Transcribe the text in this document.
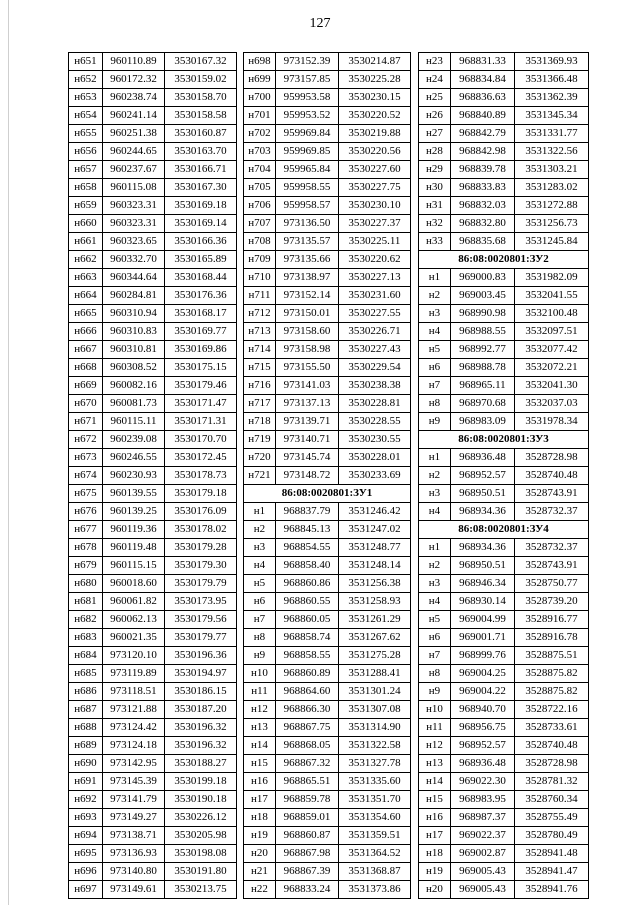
127
н651	960110.89	3530167.32
н652	960172.32	3530159.02
н653	960238.74	3530158.70
н654	960241.14	3530158.58
н655	960251.38	3530160.87
н656	960244.65	3530163.70
н657	960237.67	3530166.71
н658	960115.08	3530167.30
н659	960323.31	3530169.18
н660	960323.31	3530169.14
н661	960323.65	3530166.36
н662	960332.70	3530165.89
н663	960344.64	3530168.44
н664	960284.81	3530176.36
н665	960310.94	3530168.17
н666	960310.83	3530169.77
н667	960310.81	3530169.86
н668	960308.52	3530175.15
н669	960082.16	3530179.46
н670	960081.73	3530171.47
н671	960115.11	3530171.31
н672	960239.08	3530170.70
н673	960246.55	3530172.45
н674	960230.93	3530178.73
н675	960139.55	3530179.18
н676	960139.25	3530176.09
н677	960119.36	3530178.02
н678	960119.48	3530179.28
н679	960115.15	3530179.30
н680	960018.60	3530179.79
н681	960061.82	3530173.95
н682	960062.13	3530179.56
н683	960021.35	3530179.77
н684	973120.10	3530196.36
н685	973119.89	3530194.97
н686	973118.51	3530186.15
н687	973121.88	3530187.20
н688	973124.42	3530196.32
н689	973124.18	3530196.32
н690	973142.95	3530188.27
н691	973145.39	3530199.18
н692	973141.79	3530190.18
н693	973149.27	3530226.12
н694	973138.71	3530205.98
н695	973136.93	3530198.08
н696	973140.80	3530191.80
н697	973149.61	3530213.75
н698	973152.39	3530214.87
н699	973157.85	3530225.28
н700	959953.58	3530230.15
н701	959953.52	3530220.52
н702	959969.84	3530219.88
н703	959969.85	3530220.56
н704	959965.84	3530227.60
н705	959958.55	3530227.75
н706	959958.57	3530230.10
н707	973136.50	3530227.37
н708	973135.57	3530225.11
н709	973135.66	3530220.62
н710	973138.97	3530227.13
н711	973152.14	3530231.60
н712	973150.01	3530227.55
н713	973158.60	3530226.71
н714	973158.98	3530227.43
н715	973155.50	3530229.54
н716	973141.03	3530238.38
н717	973137.13	3530228.81
н718	973139.71	3530228.55
н719	973140.71	3530230.55
н720	973145.74	3530228.01
н721	973148.72	3530233.69
86:08:0020801:ЗУ1		
н1	968837.79	3531246.42
н2	968845.13	3531247.02
н3	968854.55	3531248.77
н4	968858.40	3531248.14
н5	968860.86	3531256.38
н6	968860.55	3531258.93
н7	968860.05	3531261.29
н8	968858.74	3531267.62
н9	968858.55	3531275.28
н10	968860.89	3531288.41
н11	968864.60	3531301.24
н12	968866.30	3531307.08
н13	968867.75	3531314.90
н14	968868.05	3531322.58
н15	968867.32	3531327.78
н16	968865.51	3531335.60
н17	968859.78	3531351.70
н18	968859.01	3531354.60
н19	968860.87	3531359.51
н20	968867.98	3531364.52
н21	968867.39	3531368.87
н22	968833.24	3531373.86
н23	968831.33	3531369.93
н24	968834.84	3531366.48
н25	968836.63	3531362.39
н26	968840.89	3531345.34
н27	968842.79	3531331.77
н28	968842.98	3531322.56
н29	968839.78	3531303.21
н30	968833.83	3531283.02
н31	968832.03	3531272.88
н32	968832.80	3531256.73
н33	968835.68	3531245.84
86:08:0020801:ЗУ2		
н1	969000.83	3531982.09
н2	969003.45	3532041.55
н3	968990.98	3532100.48
н4	968988.55	3532097.51
н5	968992.77	3532077.42
н6	968988.78	3532072.21
н7	968965.11	3532041.30
н8	968970.68	3532037.03
н9	968983.09	3531978.34
86:08:0020801:ЗУ3		
н1	968936.48	3528728.98
н2	968952.57	3528740.48
н3	968950.51	3528743.91
н4	968934.36	3528732.37
86:08:0020801:ЗУ4		
н1	968934.36	3528732.37
н2	968950.51	3528743.91
н3	968946.34	3528750.77
н4	968930.14	3528739.20
н5	969004.99	3528916.77
н6	969001.71	3528916.78
н7	968999.76	3528875.51
н8	969004.25	3528875.82
н9	969004.22	3528875.82
н10	968940.70	3528722.16
н11	968956.75	3528733.61
н12	968952.57	3528740.48
н13	968936.48	3528728.98
н14	969022.30	3528781.32
н15	968983.95	3528760.34
н16	968987.37	3528755.49
н17	969022.37	3528780.49
н18	969002.87	3528941.48
н19	969005.43	3528941.47
н20	969005.43	3528941.76
